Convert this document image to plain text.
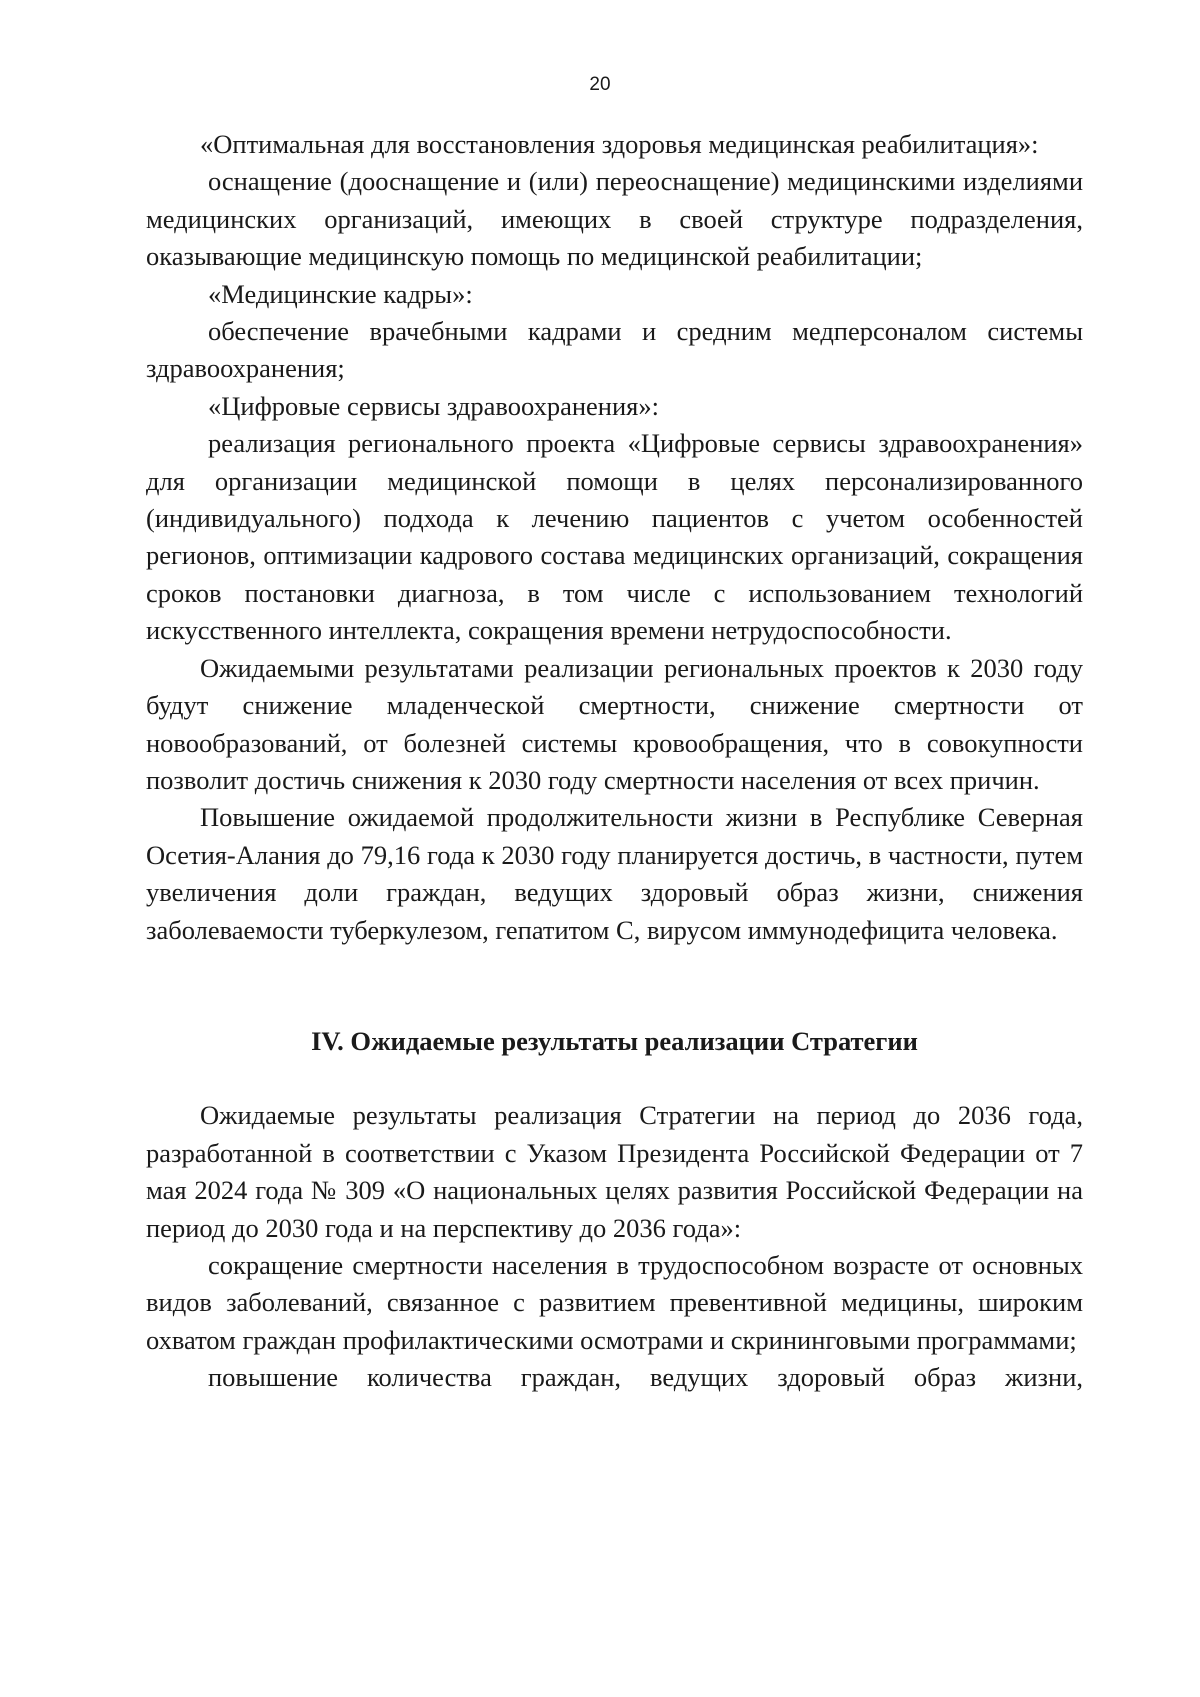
20

«Оптимальная для восстановления здоровья медицинская реабилитация»:

оснащение (дооснащение и (или) переоснащение) медицинскими изделиями медицинских организаций, имеющих в своей структуре подразделения, оказывающие медицинскую помощь по медицинской реабилитации;

«Медицинские кадры»:

обеспечение врачебными кадрами и средним медперсоналом системы здравоохранения;

«Цифровые сервисы здравоохранения»:

реализация регионального проекта «Цифровые сервисы здравоохранения» для организации медицинской помощи в целях персонализированного (индивидуального) подхода к лечению пациентов с учетом особенностей регионов, оптимизации кадрового состава медицинских организаций, сокращения сроков постановки диагноза, в том числе с использованием технологий искусственного интеллекта, сокращения времени нетрудоспособности.

Ожидаемыми результатами реализации региональных проектов к 2030 году будут снижение младенческой смертности, снижение смертности от новообразований, от болезней системы кровообращения, что в совокупности позволит достичь снижения к 2030 году смертности населения от всех причин.

Повышение ожидаемой продолжительности жизни в Республике Северная Осетия-Алания до 79,16 года к 2030 году планируется достичь, в частности, путем увеличения доли граждан, ведущих здоровый образ жизни, снижения заболеваемости туберкулезом, гепатитом С, вирусом иммунодефицита человека.

IV. Ожидаемые результаты реализации Стратегии

Ожидаемые результаты реализация Стратегии на период до 2036 года, разработанной в соответствии с Указом Президента Российской Федерации от 7 мая 2024 года № 309 «О национальных целях развития Российской Федерации на период до 2030 года и на перспективу до 2036 года»:

сокращение смертности населения в трудоспособном возрасте от основных видов заболеваний, связанное с развитием превентивной медицины, широким охватом граждан профилактическими осмотрами и скрининговыми программами;

повышение количества граждан, ведущих здоровый образ жизни,
